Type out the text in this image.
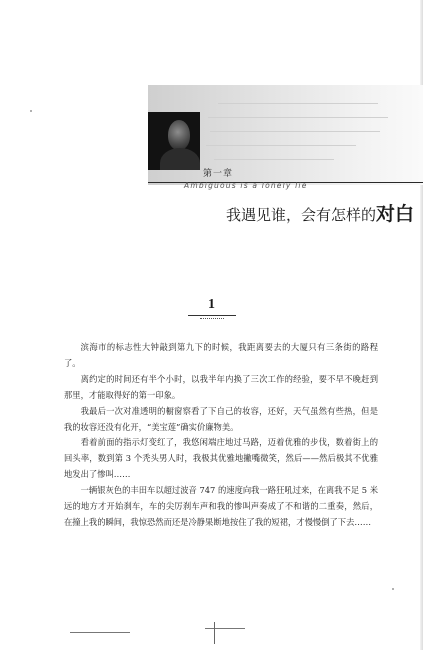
第一章
Ambiguous is a lonely lie
我遇见谁，会有怎样的对白
1

滨海市的标志性大钟敲到第九下的时候，我距离要去的大厦只有三条街的路程了。

离约定的时间还有半个小时，以我半年内换了三次工作的经验，要不早不晚赶到那里，才能取得好的第一印象。

我最后一次对准透明的橱窗察看了下自己的妆容，还好，天气虽然有些热，但是我的妆容还没有化开，“美宝莲”确实价廉物美。

看着前面的指示灯变红了，我悠闲端庄地过马路，迈着优雅的步伐，数着街上的回头率，数到第 3 个秃头男人时，我极其优雅地撇嘴微笑，然后——然后极其不优雅地发出了惨叫……

一辆银灰色的丰田车以超过波音 747 的速度向我一路狂吼过来，在离我不足 5 米远的地方才开始刹车，车的尖厉刹车声和我的惨叫声奏成了不和谐的二重奏，然后，在撞上我的瞬间，我惊恐然而还是冷静果断地按住了我的短裙，才慢慢倒了下去……
